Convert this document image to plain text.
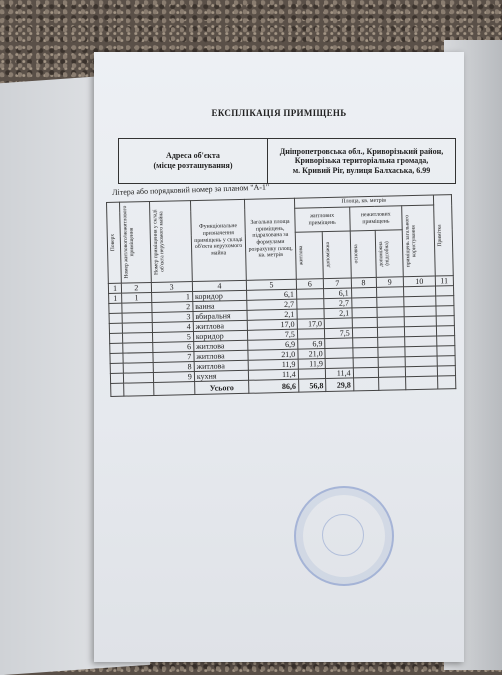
ЕКСПЛІКАЦІЯ ПРИМІЩЕНЬ
Адреса об'єкта
(місце розташування)
Дніпропетровська обл., Криворізький район,
Криворізька територіальна громада,
м. Кривий Ріг, вулиця Балхаська, 6.99
Літера або порядковий номер за планом "А-1"
Поверх	Номер житлового/нежитлового приміщення	Номер приміщення у складі об'єкта нерухомого майна	Функціональне призначення приміщень у складі об'єкта нерухомого майна	Загальна площа приміщень, підрахована за формулами розрахунку площ, кв. метрів	Площа, кв. метрів					Примітка

					житлових приміщень		нежитлових приміщень		приміщень загального користування	

					житлова	допоміжна	основна	допоміжна (підсобна)		

1	2	3	4	5	6	7	8	9	10	11
1	1	1	коридор	6,1		6,1				
		2	ванна	2,7		2,7				
		3	вбиральня	2,1		2,1				
		4	житлова	17,0	17,0					
		5	коридор	7,5		7,5				
		6	житлова	6,9	6,9					
		7	житлова	21,0	21,0					
		8	житлова	11,9	11,9					
		9	кухня	11,4		11,4				
			Усього	86,6	56,8	29,8				
